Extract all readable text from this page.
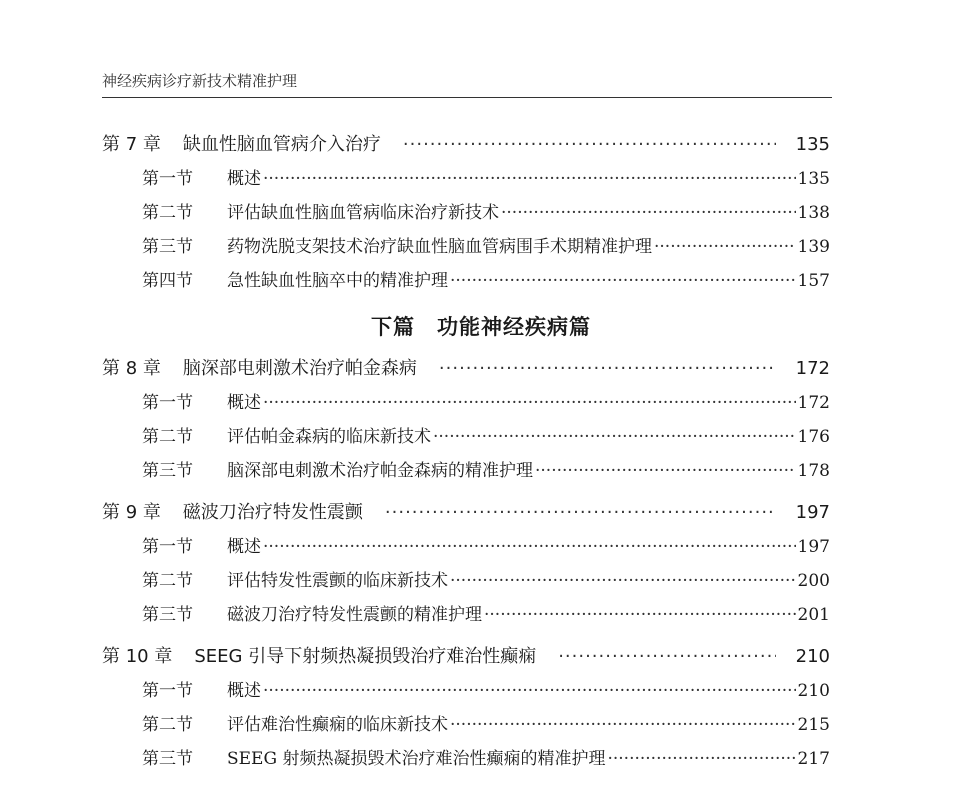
神经疾病诊疗新技术精准护理
第 7 章 缺血性脑血管病介入治疗 ·····	135
第一节	概述 ·····	135
第二节	评估缺血性脑血管病临床治疗新技术 ·····	138
第三节	药物洗脱支架技术治疗缺血性脑血管病围手术期精准护理 ·····	139
第四节	急性缺血性脑卒中的精准护理 ·····	157
下篇　功能神经疾病篇
第 8 章 脑深部电刺激术治疗帕金森病 ·····	172
第一节	概述 ·····	172
第二节	评估帕金森病的临床新技术 ·····	176
第三节	脑深部电刺激术治疗帕金森病的精准护理 ·····	178
第 9 章 磁波刀治疗特发性震颤 ·····	197
第一节	概述 ·····	197
第二节	评估特发性震颤的临床新技术 ·····	200
第三节	磁波刀治疗特发性震颤的精准护理 ·····	201
第 10 章 SEEG 引导下射频热凝损毁治疗难治性癫痫 ·····	210
第一节	概述 ·····	210
第二节	评估难治性癫痫的临床新技术 ·····	215
第三节	SEEG 射频热凝损毁术治疗难治性癫痫的精准护理 ·····	217
